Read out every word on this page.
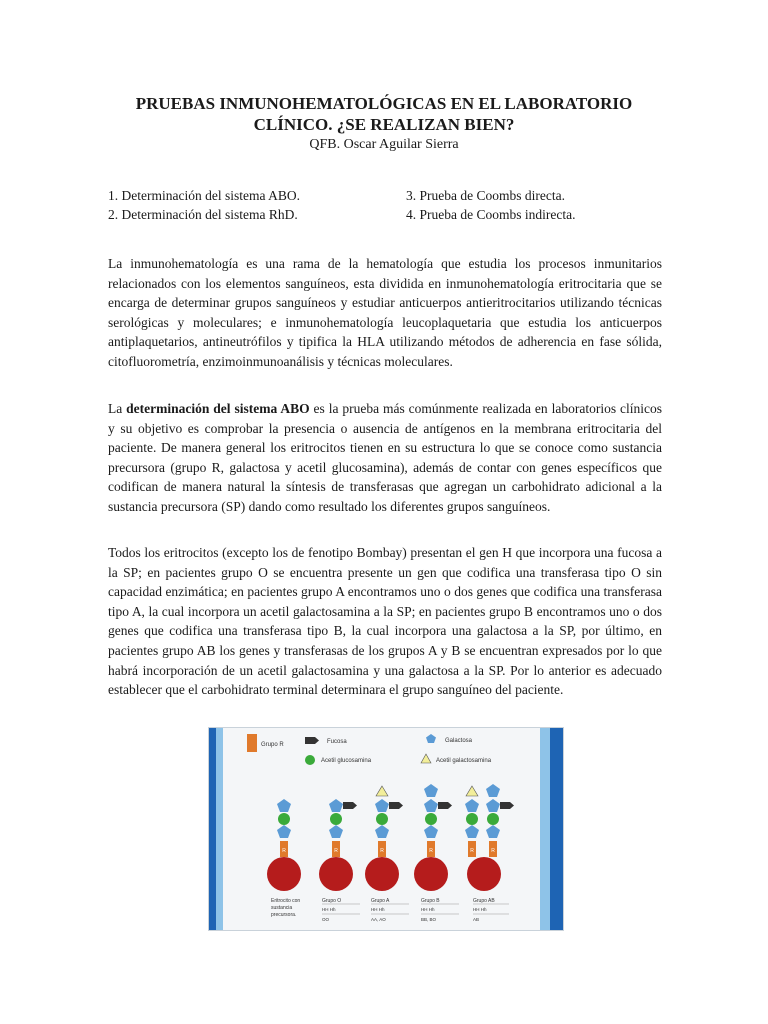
PRUEBAS INMUNOHEMATOLÓGICAS EN EL LABORATORIO
CLÍNICO. ¿SE REALIZAN BIEN?
QFB. Oscar Aguilar Sierra
1. Determinación del sistema ABO.
2. Determinación del sistema RhD.
3. Prueba de Coombs directa.
4. Prueba de Coombs indirecta.
La inmunohematología es una rama de la hematología que estudia los procesos inmunitarios relacionados con los elementos sanguíneos, esta dividida en inmunohematología eritrocitaria que se encarga de determinar grupos sanguíneos y estudiar anticuerpos antieritrocitarios utilizando técnicas serológicas y moleculares; e inmunohematología leucoplaquetaria que estudia los anticuerpos antiplaquetarios, antineutrófilos y tipifica la HLA utilizando métodos de adherencia en fase sólida, citofluorometría, enzimoinmunoanálisis y técnicas moleculares.
La determinación del sistema ABO es la prueba más comúnmente realizada en laboratorios clínicos y su objetivo es comprobar la presencia o ausencia de antígenos en la membrana eritrocitaria del paciente. De manera general los eritrocitos tienen en su estructura lo que se conoce como sustancia precursora (grupo R, galactosa y acetil glucosamina), además de contar con genes específicos que codifican de manera natural la síntesis de transferasas que agregan un carbohidrato adicional a la sustancia precursora (SP) dando como resultado los diferentes grupos sanguíneos.
Todos los eritrocitos (excepto los de fenotipo Bombay) presentan el gen H que incorpora una fucosa a la SP; en pacientes grupo O se encuentra presente un gen que codifica una transferasa tipo O sin capacidad enzimática; en pacientes grupo A encontramos uno o dos genes que codifica una transferasa tipo A, la cual incorpora un acetil galactosamina a la SP; en pacientes grupo B encontramos uno o dos genes que codifica una transferasa tipo B, la cual incorpora una galactosa a la SP, por último, en pacientes grupo AB los genes y transferasas de los grupos A y B se encuentran expresados por lo que habrá incorporación de un acetil galactosamina y una galactosa a la SP. Por lo anterior es adecuado establecer que el carbohidrato terminal determinara el grupo sanguíneo del paciente.
Grupo R	Fucosa
Acetil glucosamina
Galactosa
Acetil galactosamina
R
Eritrocito con
sustancia
precursora.
R	R	R	R	R
Grupo O
HH Hh
OO
Grupo A
HH Hh
AA, AO
Grupo B
HH Hh
BB, BO
Grupo AB
HH Hh
AB
